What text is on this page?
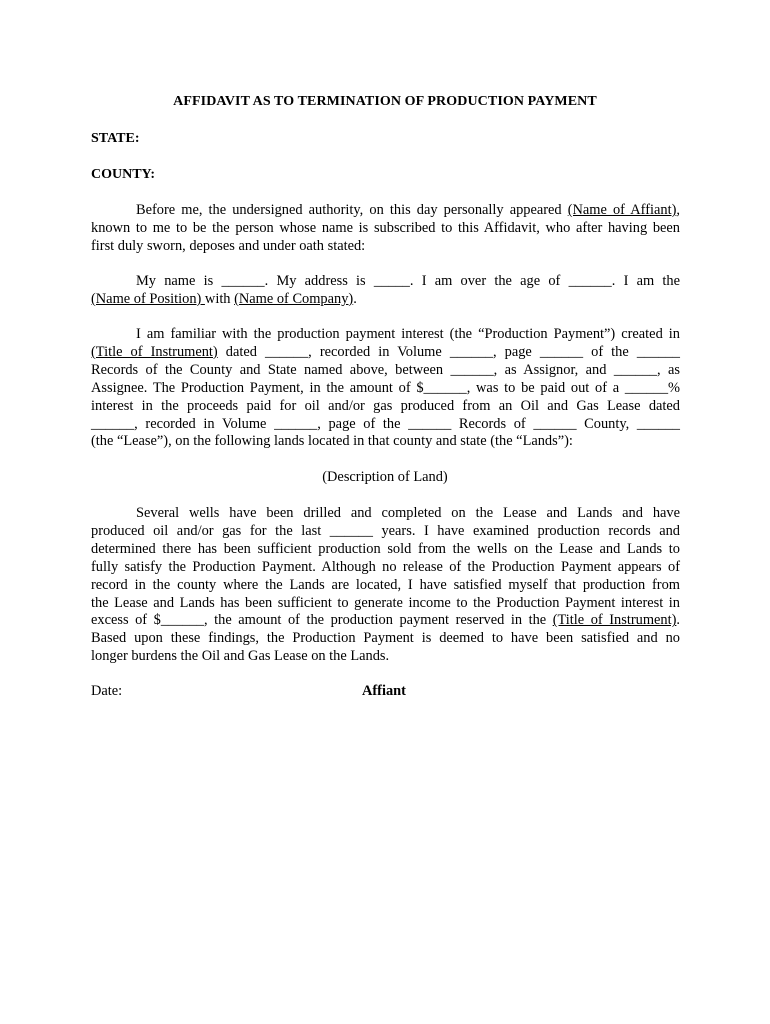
AFFIDAVIT AS TO TERMINATION OF PRODUCTION PAYMENT
STATE:
COUNTY:
Before me, the undersigned authority, on this day personally appeared (Name of Affiant),
known to me to be the person whose name is subscribed to this Affidavit, who after having been
first duly sworn, deposes and under oath stated:
My name is ______. My address is _____. I am over the age of ______. I am the
(Name of Position) with (Name of Company).
I am familiar with the production payment interest (the “Production Payment”) created in
(Title of Instrument) dated ______, recorded in Volume ______, page ______ of the ______
Records of the County and State named above, between ______, as Assignor, and ______, as
Assignee. The Production Payment, in the amount of $______, was to be paid out of a ______%
interest in the proceeds paid for oil and/or gas produced from an Oil and Gas Lease dated
______, recorded in Volume ______, page of the ______ Records of ______ County, ______
(the “Lease”), on the following lands located in that county and state (the “Lands”):
(Description of Land)
Several wells have been drilled and completed on the Lease and Lands and have
produced oil and/or gas for the last ______ years. I have examined production records and
determined there has been sufficient production sold from the wells on the Lease and Lands to
fully satisfy the Production Payment. Although no release of the Production Payment appears of
record in the county where the Lands are located, I have satisfied myself that production from
the Lease and Lands has been sufficient to generate income to the Production Payment interest in
excess of $______, the amount of the production payment reserved in the (Title of Instrument).
Based upon these findings, the Production Payment is deemed to have been satisfied and no
longer burdens the Oil and Gas Lease on the Lands.
Date:	Affiant
